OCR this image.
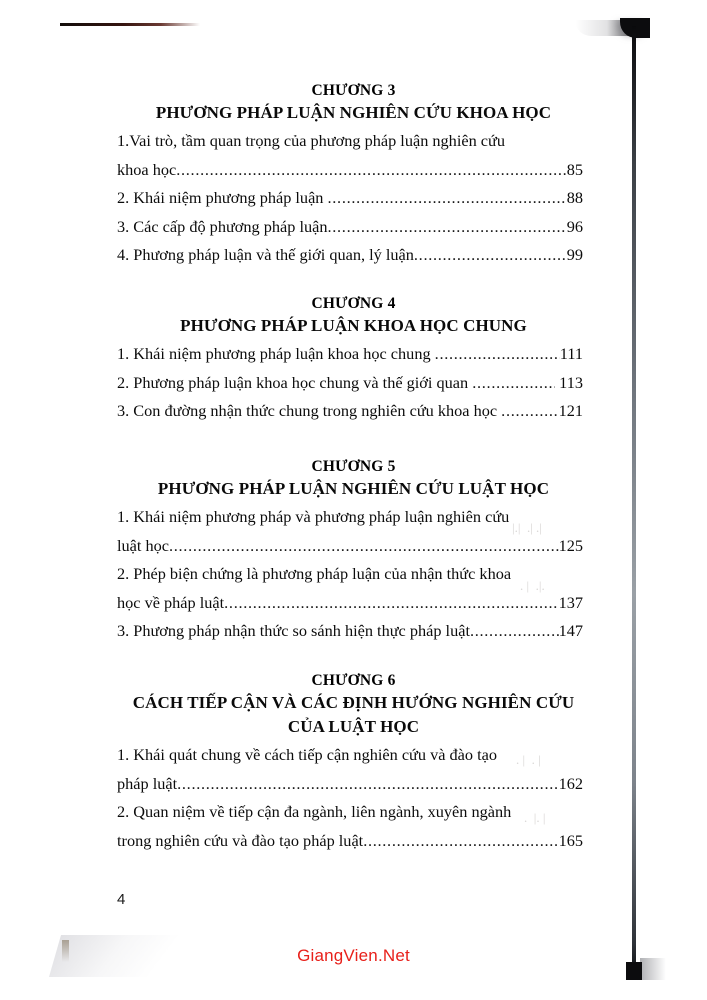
|.|  .| .|
. |  .|.
. |  . |
.  |. |
CHƯƠNG 3
PHƯƠNG PHÁP LUẬN NGHIÊN CỨU KHOA HỌC
1.Vai trò, tầm quan trọng của phương pháp luận nghiên cứu
khoa học .....	85
2. Khái niệm phương pháp luận .....	88
3. Các cấp độ phương pháp luận .....	96
4. Phương pháp luận và thế giới quan, lý luận .....	99
CHƯƠNG 4
PHƯƠNG PHÁP LUẬN KHOA HỌC CHUNG
1. Khái niệm phương pháp luận khoa học chung .....	111
2. Phương pháp luận khoa học chung và thế giới quan .....	113
3. Con đường nhận thức chung trong nghiên cứu khoa học .....	121
CHƯƠNG 5
PHƯƠNG PHÁP LUẬN NGHIÊN CỨU LUẬT HỌC
1. Khái niệm phương pháp và phương pháp luận nghiên cứu
luật học .....	125
2. Phép biện chứng là phương pháp luận của nhận thức khoa
học về pháp luật .....	137
3. Phương pháp nhận thức so sánh hiện thực pháp luật .....	147
CHƯƠNG 6
CÁCH TIẾP CẬN VÀ CÁC ĐỊNH HƯỚNG NGHIÊN CỨU
CỦA LUẬT HỌC
1. Khái quát chung về cách tiếp cận nghiên cứu và đào tạo
pháp luật .....	162
2. Quan niệm về tiếp cận đa ngành, liên ngành, xuyên ngành
trong nghiên cứu và đào tạo pháp luật .....	165
4
GiangVien.Net
